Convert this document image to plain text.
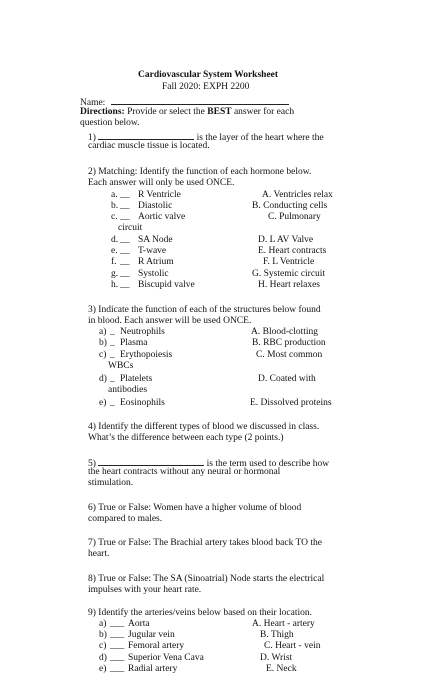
Cardiovascular System Worksheet
Fall 2020: EXPH 2200
Name:
Directions: Provide or select the BEST answer for each
question below.
1)	is the layer of the heart where the
cardiac muscle tissue is located.
2) Matching: Identify the function of each hormone below.
Each answer will only be used ONCE.
a. __ R Ventricle
b. __ Diastolic
c. __ Aortic valve
circuit
d. __ SA Node
e. __ T-wave
f. __ R Atrium
g. __ Systolic
h. __ Biscupid valve
A. Ventricles relax
B. Conducting cells
C. Pulmonary
D. L AV Valve
E. Heart contracts
F. L Ventricle
G. Systemic circuit
H. Heart relaxes
3) Indicate the function of each of the structures below found
in blood. Each answer will be used ONCE.
a) _ Neutrophils
b) _ Plasma
c) _ Erythopoiesis
WBCs
d) _ Platelets
antibodies
e) _ Eosinophils
A. Blood-clotting
B. RBC production
C. Most common
D. Coated with
E. Dissolved proteins
4) Identify the different types of blood we discussed in class.
What’s the difference between each type (2 points.)
5)	is the term used to describe how
the heart contracts without any neural or hormonal
stimulation.
6) True or False: Women have a higher volume of blood
compared to males.
7) True or False: The Brachial artery takes blood back TO the
heart.
8) True or False: The SA (Sinoatrial) Node starts the electrical
impulses with your heart rate.
9) Identify the arteries/veins below based on their location.
a) ___ Aorta
b) ___ Jugular vein
c) ___ Femoral artery
d) ___ Superior Vena Cava
e) ___ Radial artery
A. Heart - artery
B. Thigh
C. Heart - vein
D. Wrist
E. Neck
